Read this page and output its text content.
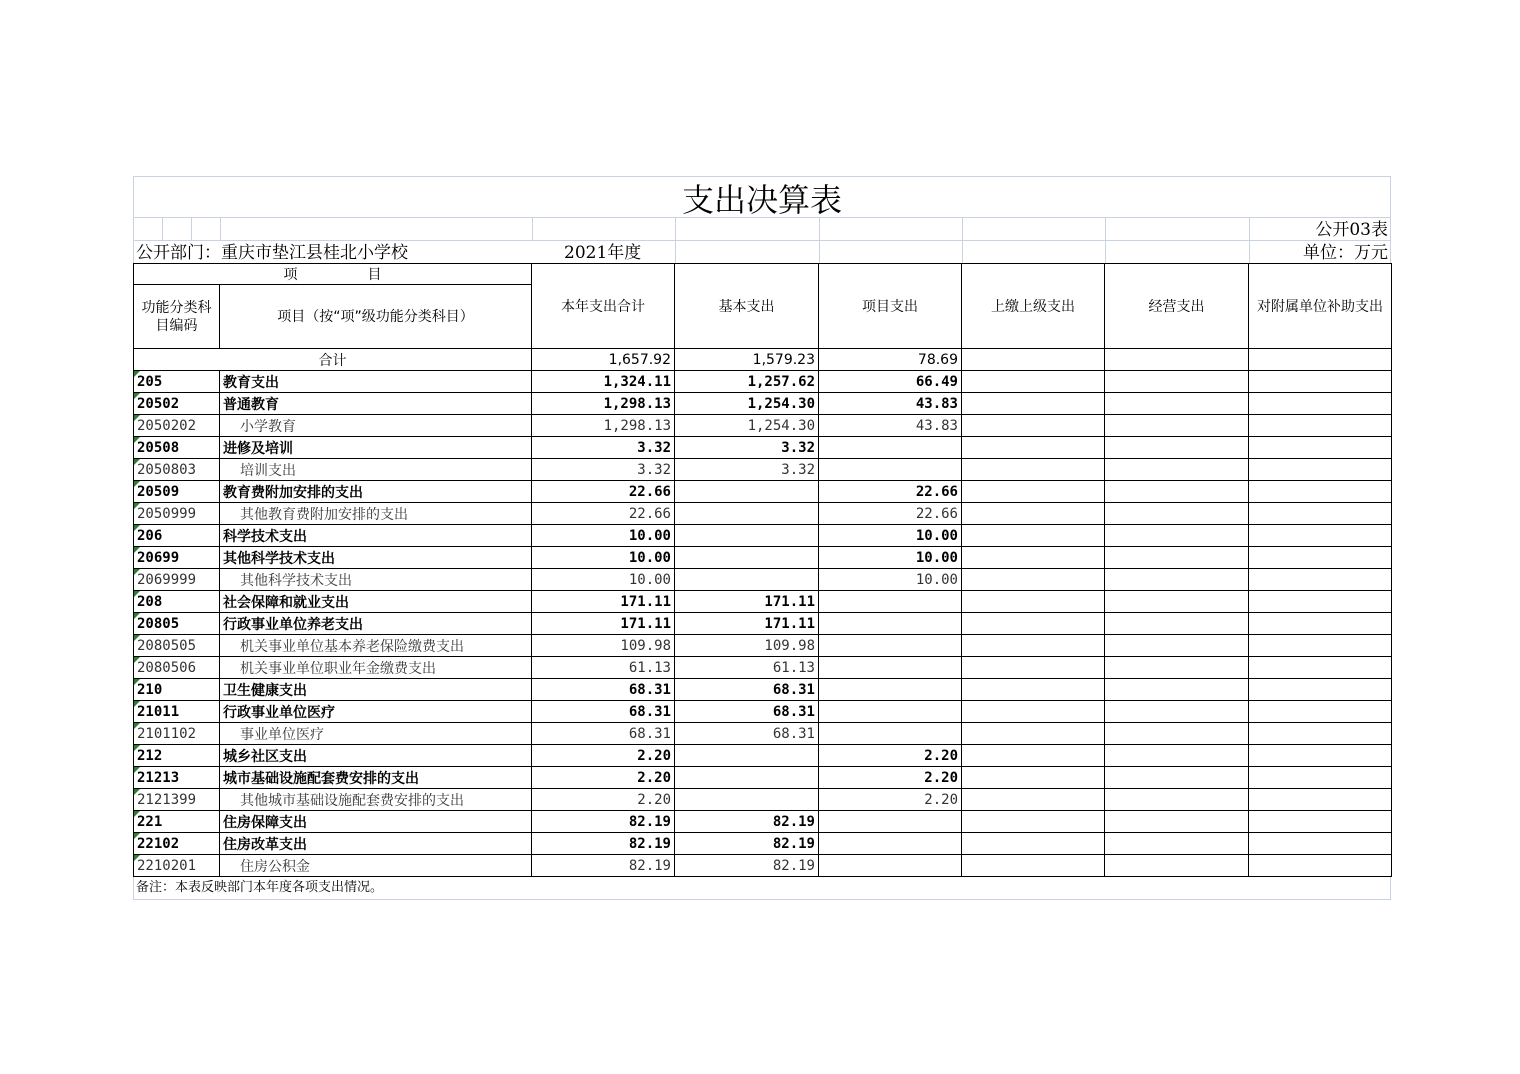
支出决算表
公开03表
公开部门：重庆市垫江县桂北小学校	2021年度	单位：万元
项　　　　　目		本年支出合计	基本支出	项目支出	上缴上级支出	经营支出	对附属单位补助支出
功能分类科目编码	项目（按“项”级功能分类科目）						
合计		1,657.92	1,579.23	78.69			
205	教育支出	1,324.11	1,257.62	66.49			
20502	普通教育	1,298.13	1,254.30	43.83			
2050202	小学教育	1,298.13	1,254.30	43.83			
20508	进修及培训	3.32	3.32				
2050803	培训支出	3.32	3.32				
20509	教育费附加安排的支出	22.66		22.66			
2050999	其他教育费附加安排的支出	22.66		22.66			
206	科学技术支出	10.00		10.00			
20699	其他科学技术支出	10.00		10.00			
2069999	其他科学技术支出	10.00		10.00			
208	社会保障和就业支出	171.11	171.11				
20805	行政事业单位养老支出	171.11	171.11				
2080505	机关事业单位基本养老保险缴费支出	109.98	109.98				
2080506	机关事业单位职业年金缴费支出	61.13	61.13				
210	卫生健康支出	68.31	68.31				
21011	行政事业单位医疗	68.31	68.31				
2101102	事业单位医疗	68.31	68.31				
212	城乡社区支出	2.20		2.20			
21213	城市基础设施配套费安排的支出	2.20		2.20			
2121399	其他城市基础设施配套费安排的支出	2.20		2.20			
221	住房保障支出	82.19	82.19				
22102	住房改革支出	82.19	82.19				
2210201	住房公积金	82.19	82.19				
备注：本表反映部门本年度各项支出情况。
